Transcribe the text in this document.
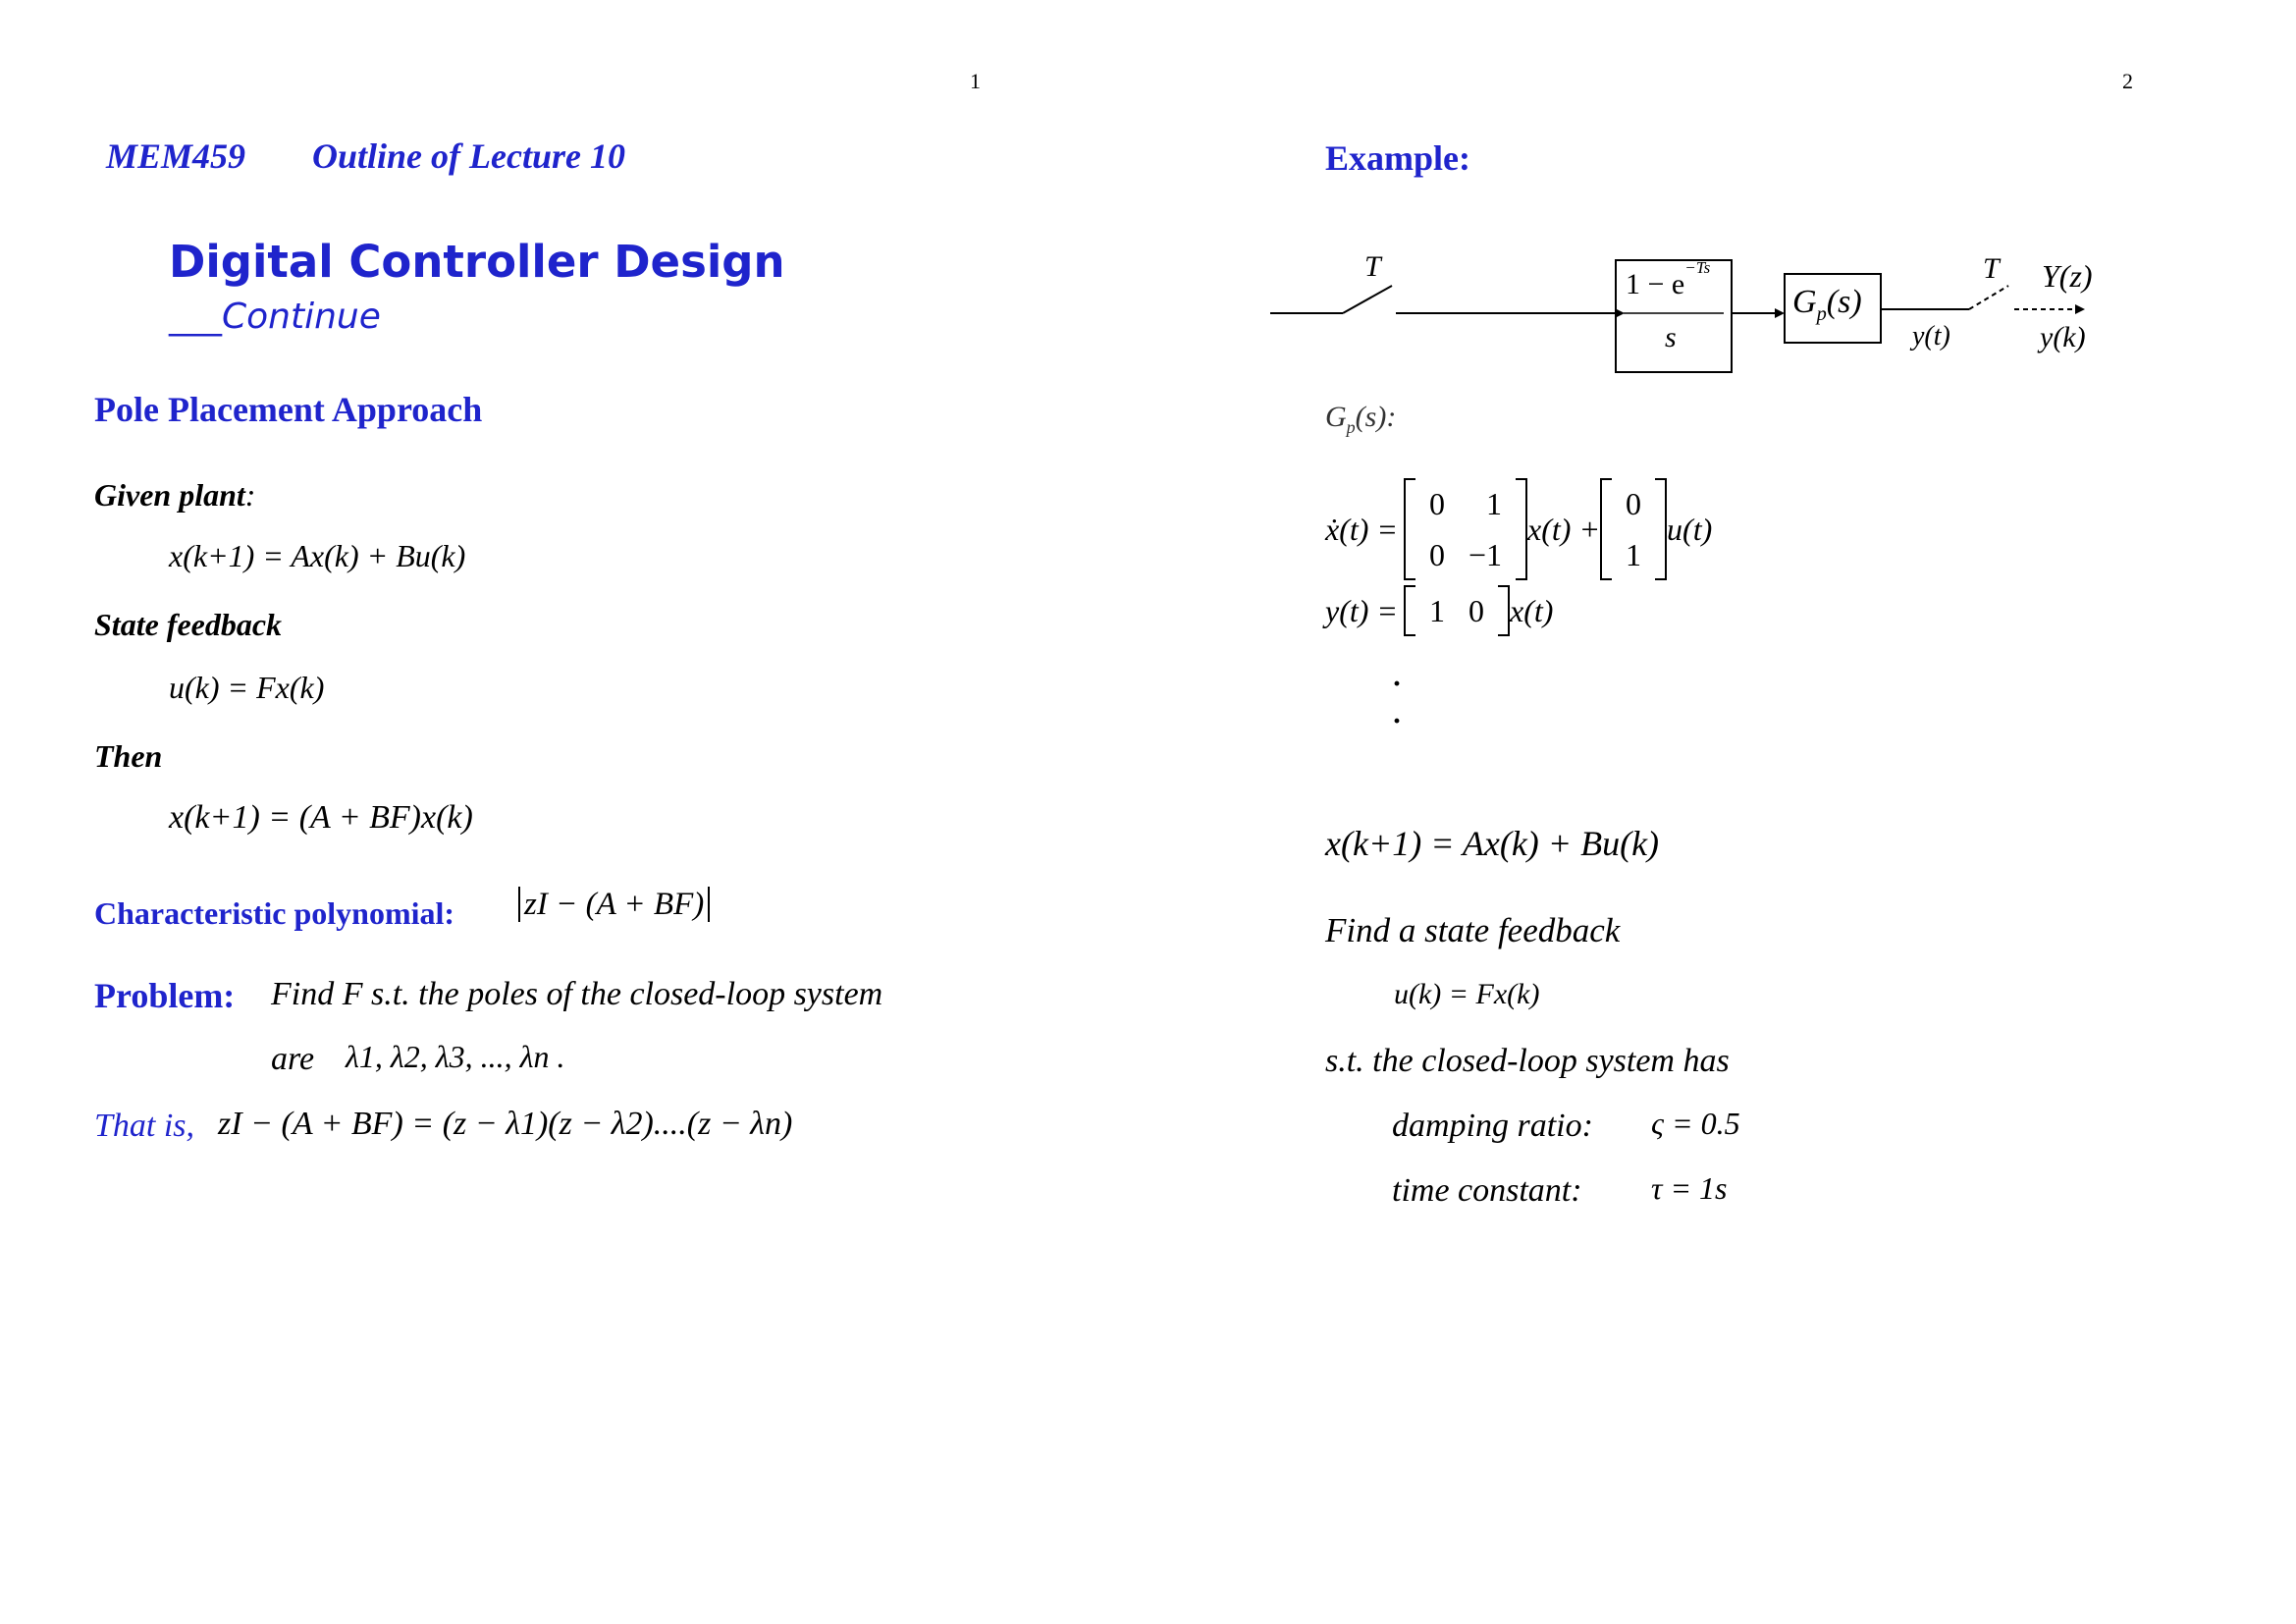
1
MEM459 Outline of Lecture 10
Digital Controller Design
___Continue
Pole Placement Approach
Given plant:
x(k+1) = Ax(k) + Bu(k)
State feedback
u(k) = Fx(k)
Then
x(k+1) = (A + BF)x(k)
Characteristic polynomial: zI − (A + BF)
Problem: Find F s.t. the poles of the closed-loop system
are λ1, λ2, λ3, ..., λn .
That is, zI − (A + BF) = (z − λ1)(z − λ2)....(z − λn)
2
Example:
T
$1 - e^{-Ts}$
s
$G_p(s)$
y(t)
T Y(z)
y(k)
$G_p(s)$:
ẋ(t) =
0	1
0	−1
x(t) +
0
1
u(t)
y(t) = 1	0 x(t)
·
·
x(k+1) = Ax(k) + Bu(k)
Find a state feedback
u(k) = Fx(k)
s.t. the closed-loop system has
damping ratio: ς = 0.5
time constant: τ = 1s
